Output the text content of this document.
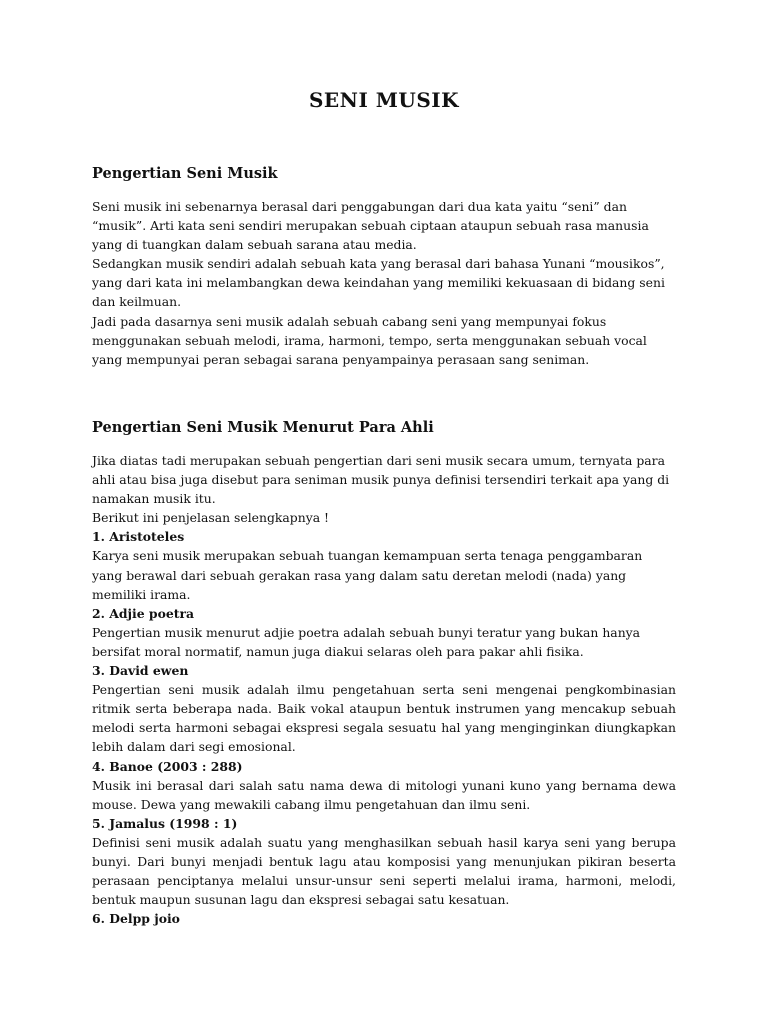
SENI MUSIK
Pengertian Seni Musik

Seni musik ini sebenarnya berasal dari penggabungan dari dua kata yaitu “seni” dan “musik”. Arti kata seni sendiri merupakan sebuah ciptaan ataupun sebuah rasa manusia yang di tuangkan dalam sebuah sarana atau media.

Sedangkan musik sendiri adalah sebuah kata yang berasal dari bahasa Yunani “mousikos”, yang dari kata ini melambangkan dewa keindahan yang memiliki kekuasaan di bidang seni dan keilmuan.

Jadi pada dasarnya seni musik adalah sebuah cabang seni yang mempunyai fokus menggunakan sebuah melodi, irama, harmoni, tempo, serta menggunakan sebuah vocal yang mempunyai peran sebagai sarana penyampainya perasaan sang seniman.

Pengertian Seni Musik Menurut Para Ahli

Jika diatas tadi merupakan sebuah pengertian dari seni musik secara umum, ternyata para ahli atau bisa juga disebut para seniman musik punya definisi tersendiri terkait apa yang di namakan musik itu.

Berikut ini penjelasan selengkapnya !

1. Aristoteles

Karya seni musik merupakan sebuah tuangan kemampuan serta tenaga penggambaran yang berawal dari sebuah gerakan rasa yang dalam satu deretan melodi (nada) yang memiliki irama.

2. Adjie poetra

Pengertian musik menurut adjie poetra adalah sebuah bunyi teratur yang bukan hanya bersifat moral normatif, namun juga diakui selaras oleh para pakar ahli fisika.

3. David ewen

Pengertian seni musik adalah ilmu pengetahuan serta seni mengenai pengkombinasian ritmik serta beberapa nada. Baik vokal ataupun bentuk instrumen yang mencakup sebuah melodi serta harmoni sebagai ekspresi segala sesuatu hal yang menginginkan diungkapkan lebih dalam dari segi emosional.

4. Banoe (2003 : 288)

Musik ini berasal dari salah satu nama dewa di mitologi yunani kuno yang bernama dewa mouse. Dewa yang mewakili cabang ilmu pengetahuan dan ilmu seni.

5. Jamalus (1998 : 1)

Definisi seni musik adalah suatu yang menghasilkan sebuah hasil karya seni yang berupa bunyi. Dari bunyi menjadi bentuk lagu atau komposisi yang menunjukan pikiran beserta perasaan penciptanya melalui unsur-unsur seni seperti melalui irama, harmoni, melodi, bentuk maupun susunan lagu dan ekspresi sebagai satu kesatuan.

6. Delpp joio
